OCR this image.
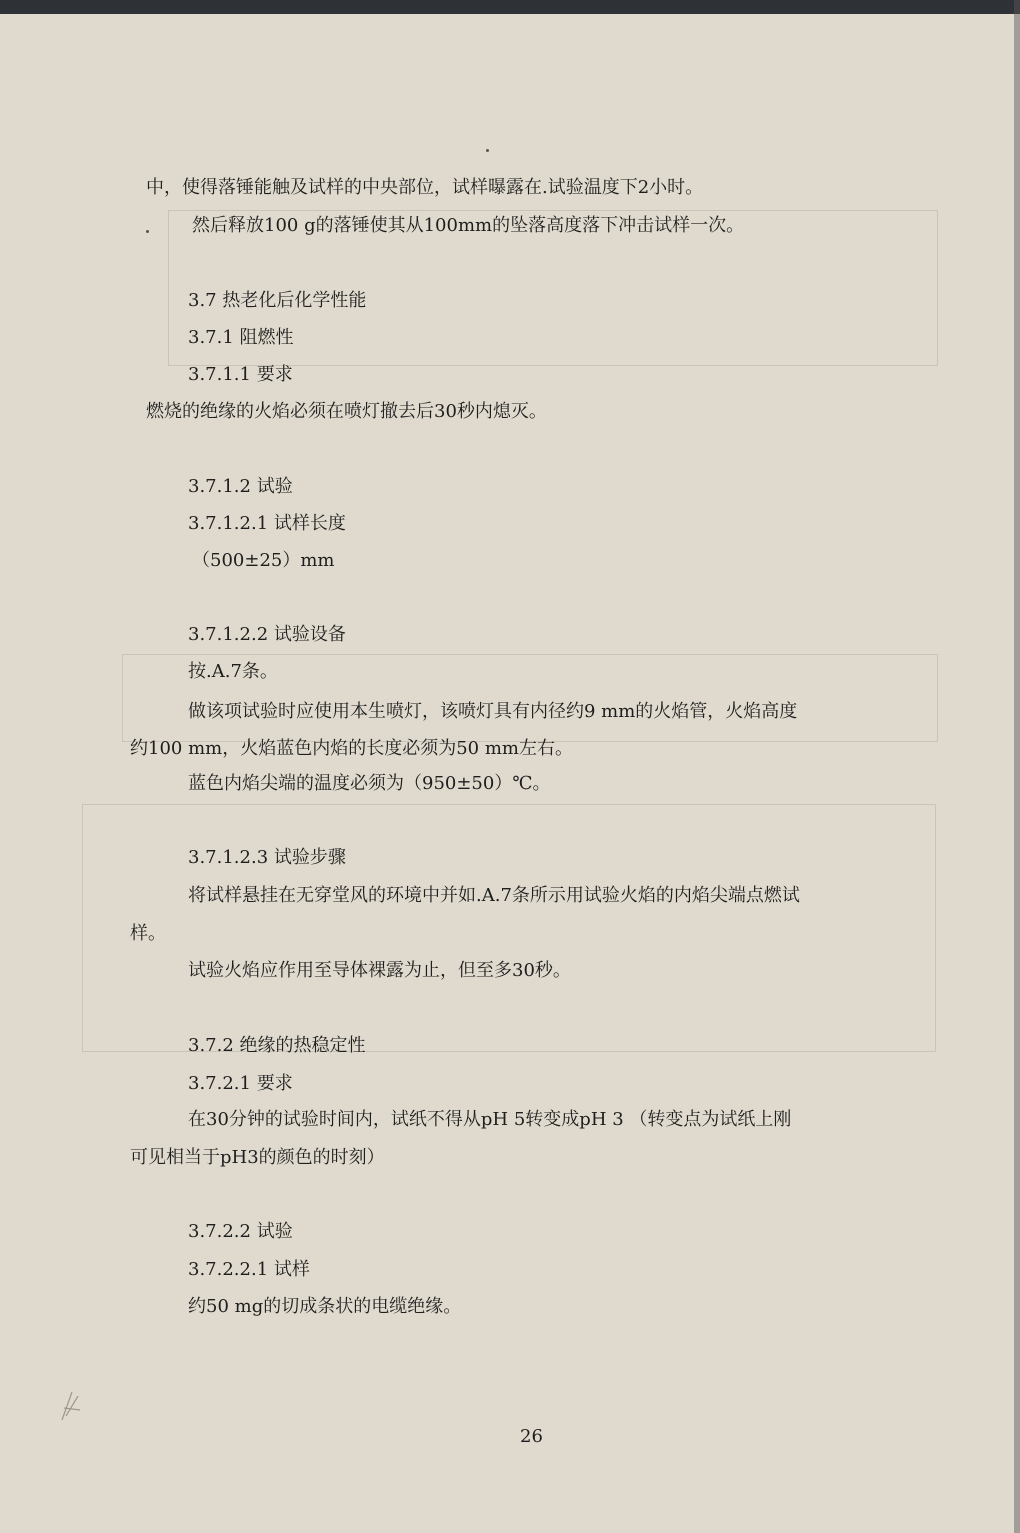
中，使得落锤能触及试样的中央部位，试样曝露在.试验温度下2小时。
然后释放100 g的落锤使其从100mm的坠落高度落下冲击试样一次。
3.7 热老化后化学性能
3.7.1 阻燃性
3.7.1.1 要求
燃烧的绝缘的火焰必须在喷灯撤去后30秒内熄灭。
3.7.1.2 试验
3.7.1.2.1 试样长度
（500±25）mm
3.7.1.2.2 试验设备
按.A.7条。
做该项试验时应使用本生喷灯，该喷灯具有内径约9 mm的火焰管，火焰高度
约100 mm，火焰蓝色内焰的长度必须为50 mm左右。
蓝色内焰尖端的温度必须为（950±50）℃。
3.7.1.2.3 试验步骤
将试样悬挂在无穿堂风的环境中并如.A.7条所示用试验火焰的内焰尖端点燃试
样。
试验火焰应作用至导体裸露为止，但至多30秒。
3.7.2 绝缘的热稳定性
3.7.2.1 要求
在30分钟的试验时间内，试纸不得从pH 5转变成pH 3 （转变点为试纸上刚
可见相当于pH3的颜色的时刻）
3.7.2.2 试验
3.7.2.2.1 试样
约50 mg的切成条状的电缆绝缘。
26
